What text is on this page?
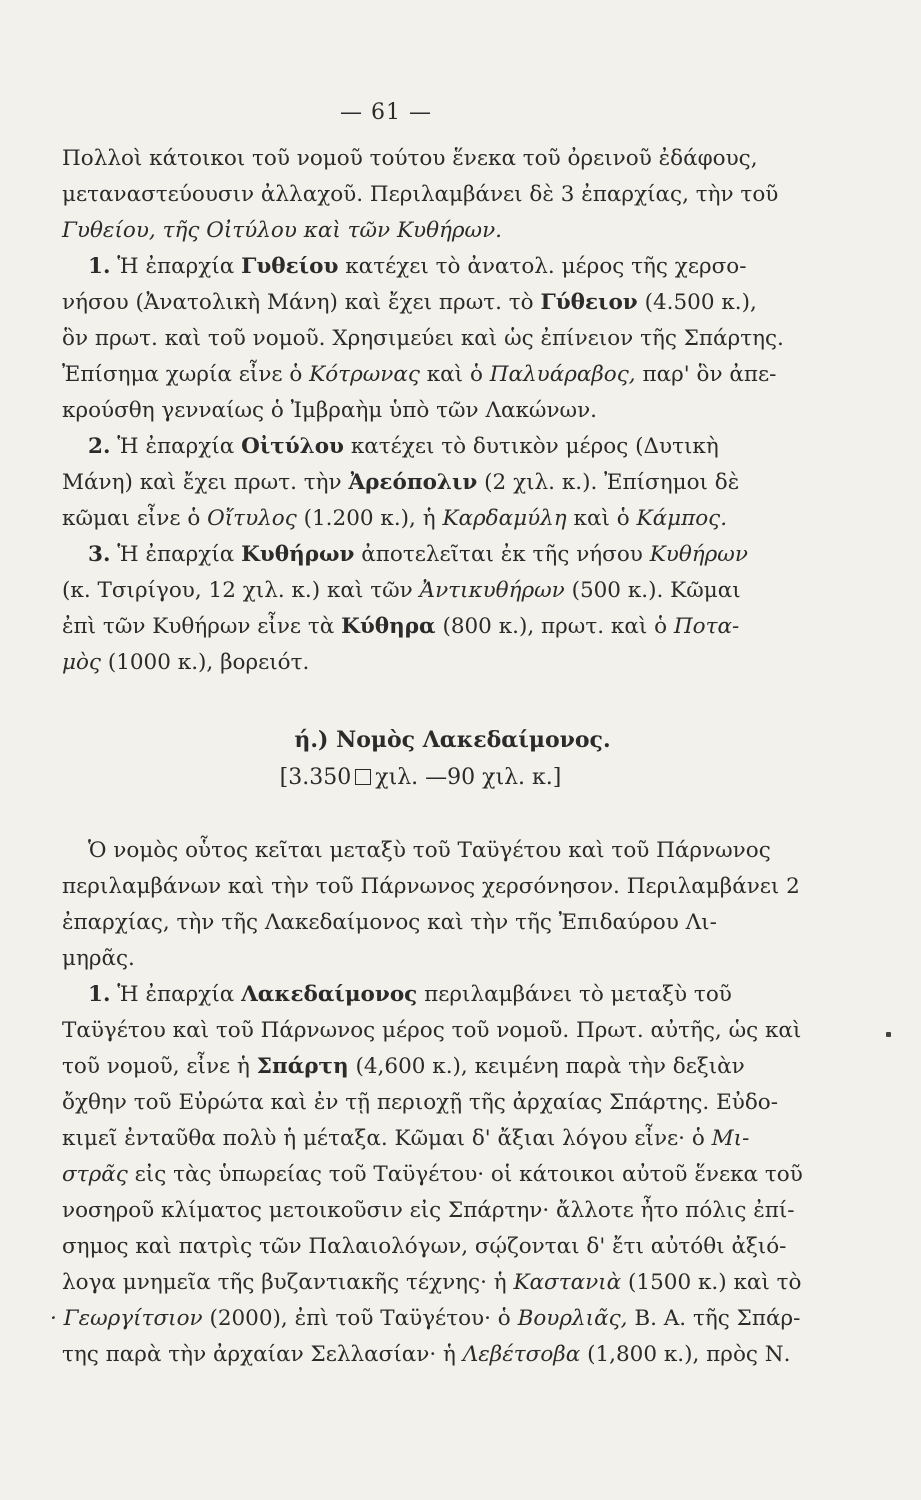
— 61 —
Πολλοὶ κάτοικοι τοῦ νομοῦ τούτου ἕνεκα τοῦ ὀρεινοῦ ἐδάφους,
μεταναστεύουσιν ἀλλαχοῦ. Περιλαμβάνει δὲ 3 ἐπαρχίας, τὴν τοῦ
Γυθείου, τῆς Οἰτύλου καὶ τῶν Κυθήρων.
1. Ἡ ἐπαρχία Γυθείου κατέχει τὸ ἀνατολ. μέρος τῆς χερσο-
νήσου (Ἀνατολικὴ Μάνη) καὶ ἔχει πρωτ. τὸ Γύθειον (4.500 κ.),
ὃν πρωτ. καὶ τοῦ νομοῦ. Χρησιμεύει καὶ ὡς ἐπίνειον τῆς Σπάρτης.
Ἐπίσημα χωρία εἶνε ὁ Κότρωνας καὶ ὁ Παλυάραβος, παρ' ὃν ἀπε-
κρούσθη γενναίως ὁ Ἰμβραὴμ ὑπὸ τῶν Λακώνων.
2. Ἡ ἐπαρχία Οἰτύλου κατέχει τὸ δυτικὸν μέρος (Δυτικὴ
Μάνη) καὶ ἔχει πρωτ. τὴν Ἀρεόπολιν (2 χιλ. κ.). Ἐπίσημοι δὲ
κῶμαι εἶνε ὁ Οἴτυλος (1.200 κ.), ἡ Καρδαμύλη καὶ ὁ Κάμπος.
3. Ἡ ἐπαρχία Κυθήρων ἀποτελεῖται ἐκ τῆς νήσου Κυθήρων
(κ. Τσιρίγου, 12 χιλ. κ.) καὶ τῶν Ἀντικυθήρων (500 κ.). Κῶμαι
ἐπὶ τῶν Κυθήρων εἶνε τὰ Κύθηρα (800 κ.), πρωτ. καὶ ὁ Ποτα-
μὸς (1000 κ.), βορειότ.
ή.) Νομὸς Λακεδαίμονος.
[3.350 χιλ. —90 χιλ. κ.]
Ὁ νομὸς οὗτος κεῖται μεταξὺ τοῦ Ταϋγέτου καὶ τοῦ Πάρνωνος
περιλαμβάνων καὶ τὴν τοῦ Πάρνωνος χερσόνησον. Περιλαμβάνει 2
ἐπαρχίας, τὴν τῆς Λακεδαίμονος καὶ τὴν τῆς Ἐπιδαύρου Λι-
μηρᾶς.
1. Ἡ ἐπαρχία Λακεδαίμονος περιλαμβάνει τὸ μεταξὺ τοῦ
Ταϋγέτου καὶ τοῦ Πάρνωνος μέρος τοῦ νομοῦ. Πρωτ. αὐτῆς, ὡς καὶ
τοῦ νομοῦ, εἶνε ἡ Σπάρτη (4,600 κ.), κειμένη παρὰ τὴν δεξιὰν
ὄχθην τοῦ Εὐρώτα καὶ ἐν τῇ περιοχῇ τῆς ἀρχαίας Σπάρτης. Εὐδο-
κιμεῖ ἐνταῦθα πολὺ ἡ μέταξα. Κῶμαι δ' ἄξιαι λόγου εἶνε· ὁ Μι-
στρᾶς εἰς τὰς ὑπωρείας τοῦ Ταϋγέτου· οἱ κάτοικοι αὐτοῦ ἕνεκα τοῦ
νοσηροῦ κλίματος μετοικοῦσιν εἰς Σπάρτην· ἄλλοτε ἦτο πόλις ἐπί-
σημος καὶ πατρὶς τῶν Παλαιολόγων, σῴζονται δ' ἔτι αὐτόθι ἀξιό-
λογα μνημεῖα τῆς βυζαντιακῆς τέχνης· ἡ Καστανιὰ (1500 κ.) καὶ τὸ
· Γεωργίτσιον (2000), ἐπὶ τοῦ Ταϋγέτου· ὁ Βουρλιᾶς, Β. Α. τῆς Σπάρ-
της παρὰ τὴν ἀρχαίαν Σελλασίαν· ἡ Λεβέτσοβα (1,800 κ.), πρὸς Ν.
